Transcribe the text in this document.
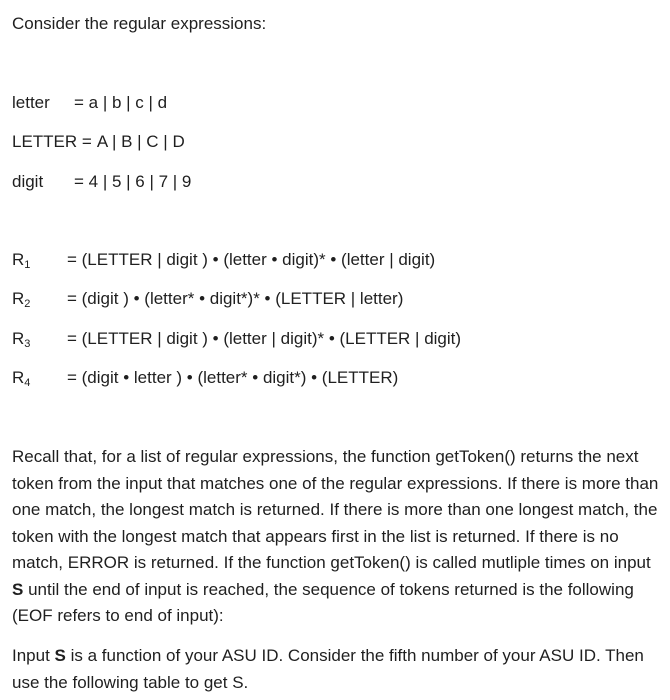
Consider the regular expressions:
letter = a | b | c | d
LETTER = A | B | C | D
digit = 4 | 5 | 6 | 7 | 9
$R_1$ = (LETTER | digit ) • (letter • digit)* • (letter | digit)
$R_2$ = (digit ) • (letter* • digit*)* • (LETTER | letter)
$R_3$ = (LETTER | digit ) • (letter | digit)* • (LETTER | digit)
$R_4$ = (digit • letter ) • (letter* • digit*) • (LETTER)
Recall that, for a list of regular expressions, the function getToken() returns the next token from the input that matches one of the regular expressions. If there is more than one match, the longest match is returned. If there is more than one longest match, the token with the longest match that appears first in the list is returned. If there is no match, ERROR is returned. If the function getToken() is called mutliple times on input S until the end of input is reached, the sequence of tokens returned is the following (EOF refers to end of input):
Input S is a function of your ASU ID. Consider the fifth number of your ASU ID. Then use the following table to get S.
